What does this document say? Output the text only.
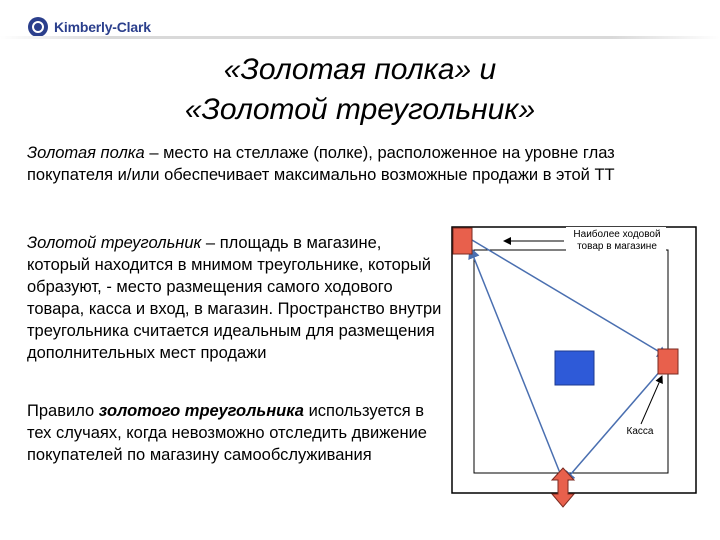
Kimberly-Clark
«Золотая полка» и
«Золотой треугольник»
Золотая полка – место на стеллаже (полке), расположенное на уровне глаз покупателя и/или обеспечивает максимально возможные продажи в этой ТТ
Золотой треугольник – площадь в магазине, который находится в мнимом треугольнике, который образуют, - место размещения самого ходового товара, касса и вход, в магазин. Пространство внутри треугольника считается идеальным для размещения дополнительных мест продажи
Правило золотого треугольника используется в тех случаях, когда невозможно отследить движение покупателей по магазину самообслуживания
Наиболее ходовой
товар в магазине
Касса
